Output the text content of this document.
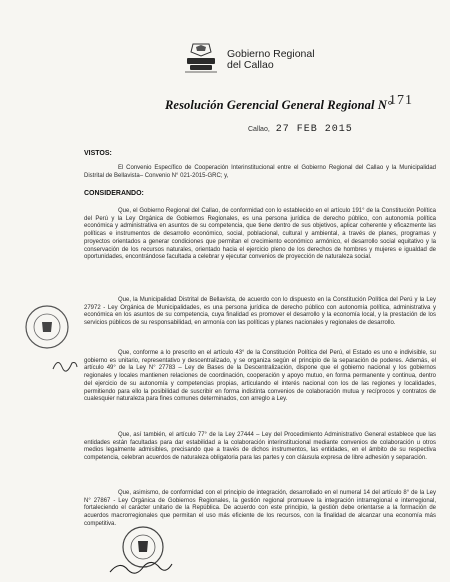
Gobierno Regional
del Callao
Resolución Gerencial General Regional N°
171
Callao, 27 FEB 2015
VISTOS:
El Convenio Específico de Cooperación Interinstitucional entre el Gobierno Regional del Callao y la Municipalidad Distrital de Bellavista– Convenio N° 021-2015-GRC; y,
CONSIDERANDO:
Que, el Gobierno Regional del Callao, de conformidad con lo establecido en el artículo 191° de la Constitución Política del Perú y la Ley Orgánica de Gobiernos Regionales, es una persona jurídica de derecho público, con autonomía política económica y administrativa en asuntos de su competencia, que tiene dentro de sus objetivos, aplicar coherente y eficazmente las políticas e instrumentos de desarrollo económico, social, poblacional, cultural y ambiental, a través de planes, programas y proyectos orientados a generar condiciones que permitan el crecimiento económico armónico, el desarrollo social equitativo y la conservación de los recursos naturales, orientado hacia el ejercicio pleno de los derechos de hombres y mujeres e igualdad de oportunidades, encontrándose facultada a celebrar y ejecutar convenios de proyección de naturaleza social.
Que, la Municipalidad Distrital de Bellavista, de acuerdo con lo dispuesto en la Constitución Política del Perú y la Ley 27972 - Ley Orgánica de Municipalidades, es una persona jurídica de derecho público con autonomía política, administrativa y económica en los asuntos de su competencia, cuya finalidad es promover el desarrollo y la economía local, y la prestación de los servicios públicos de su responsabilidad, en armonía con las políticas y planes nacionales y regionales de desarrollo.
Que, conforme a lo prescrito en el artículo 43° de la Constitución Política del Perú, el Estado es uno e indivisible, su gobierno es unitario, representativo y descentralizado, y se organiza según el principio de la separación de poderes. Además, el artículo 49° de la Ley N° 27783 – Ley de Bases de la Descentralización, dispone que el gobierno nacional y los gobiernos regionales y locales mantienen relaciones de coordinación, cooperación y apoyo mutuo, en forma permanente y continua, dentro del ejercicio de su autonomía y competencias propias, articulando el interés nacional con los de las regiones y localidades, permitiendo para ello la posibilidad de suscribir en forma indistinta convenios de colaboración mutua y recíprocos y contratos de cualesquier naturaleza para fines comunes determinados, con arreglo a Ley.
Que, así también, el artículo 77° de la Ley 27444 – Ley del Procedimiento Administrativo General establece que las entidades están facultadas para dar estabilidad a la colaboración interinstitucional mediante convenios de colaboración u otros medios legalmente admisibles, precisando que a través de dichos instrumentos, las entidades, en el ámbito de su respectiva competencia, celebran acuerdos de naturaleza obligatoria para las partes y con cláusula expresa de libre adhesión y separación.
Que, asimismo, de conformidad con el principio de integración, desarrollado en el numeral 14 del artículo 8° de la Ley N° 27867 - Ley Orgánica de Gobiernos Regionales, la gestión regional promueve la integración intrarregional e interregional, fortaleciendo el carácter unitario de la República. De acuerdo con este principio, la gestión debe orientarse a la formación de acuerdos macrorregionales que permitan el uso más eficiente de los recursos, con la finalidad de alcanzar una economía más competitiva.
